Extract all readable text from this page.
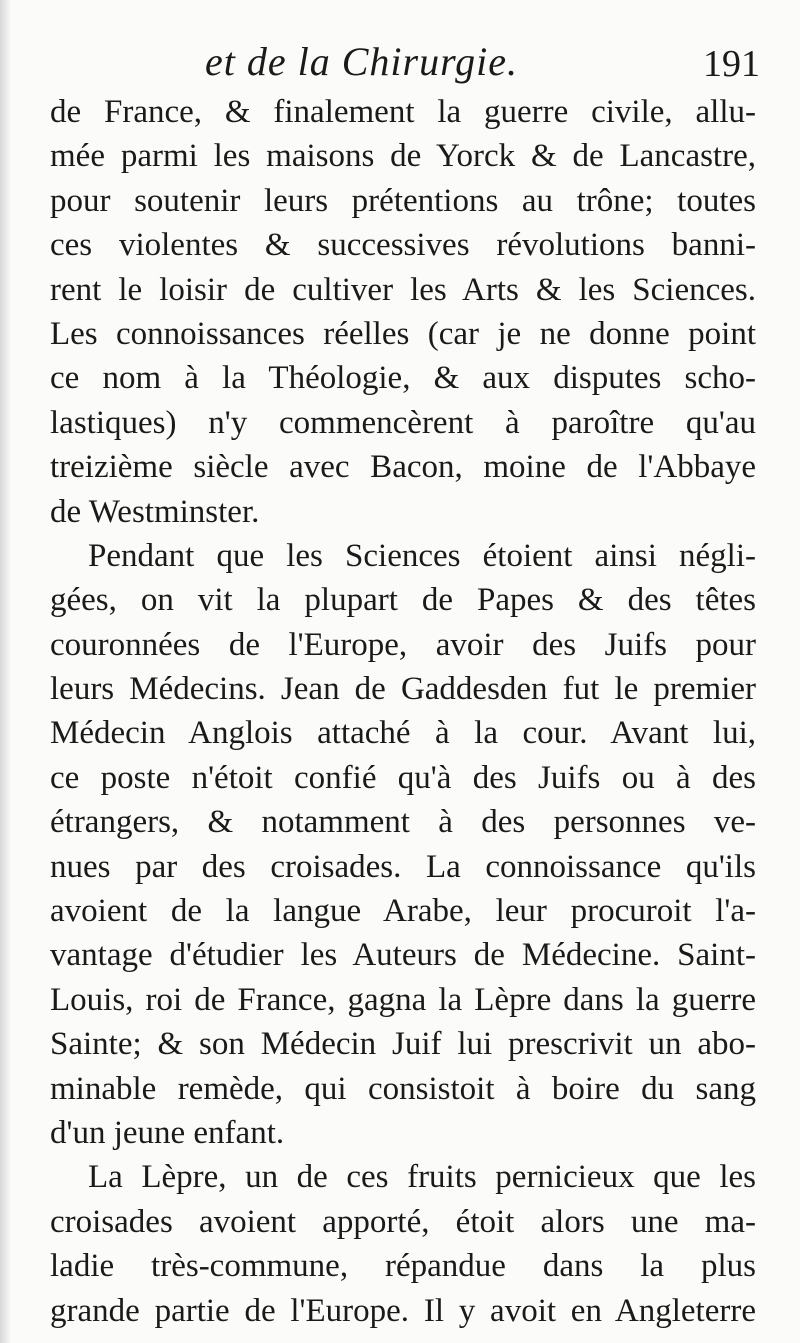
et de la Chirurgie.	191
de France, & finalement la guerre civile, allu-
mée parmi les maisons de Yorck & de Lancastre,
pour soutenir leurs prétentions au trône; toutes
ces violentes & successives révolutions banni-
rent le loisir de cultiver les Arts & les Sciences.
Les connoissances réelles (car je ne donne point
ce nom à la Théologie, & aux disputes scho-
lastiques) n'y commencèrent à paroître qu'au
treizième siècle avec Bacon, moine de l'Abbaye
de Westminster.
Pendant que les Sciences étoient ainsi négli-
gées, on vit la plupart de Papes & des têtes
couronnées de l'Europe, avoir des Juifs pour
leurs Médecins. Jean de Gaddesden fut le premier
Médecin Anglois attaché à la cour. Avant lui,
ce poste n'étoit confié qu'à des Juifs ou à des
étrangers, & notamment à des personnes ve-
nues par des croisades. La connoissance qu'ils
avoient de la langue Arabe, leur procuroit l'a-
vantage d'étudier les Auteurs de Médecine. Saint-
Louis, roi de France, gagna la Lèpre dans la guerre
Sainte; & son Médecin Juif lui prescrivit un abo-
minable remède, qui consistoit à boire du sang
d'un jeune enfant.
La Lèpre, un de ces fruits pernicieux que les
croisades avoient apporté, étoit alors une ma-
ladie très-commune, répandue dans la plus
grande partie de l'Europe. Il y avoit en Angleterre
